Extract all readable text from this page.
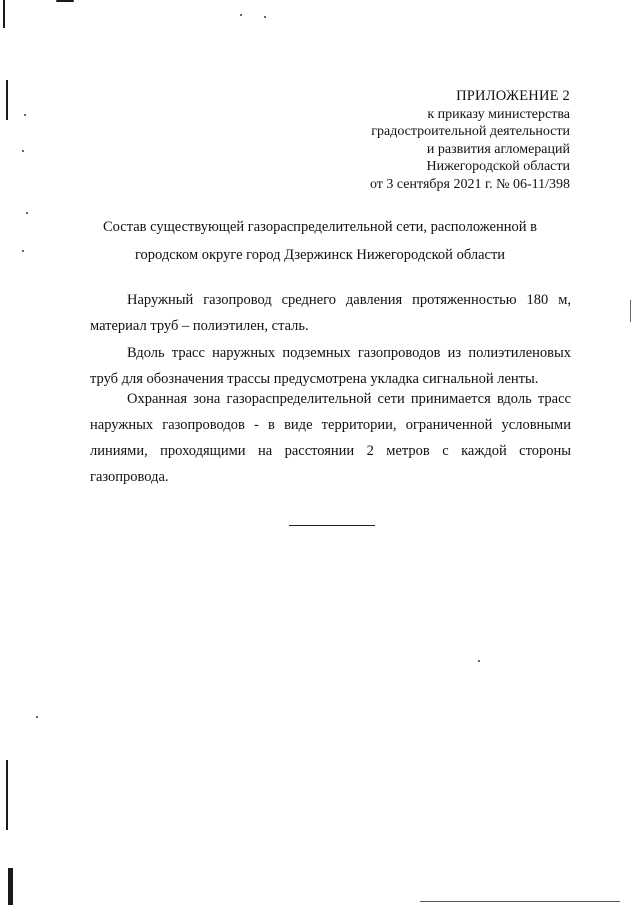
ПРИЛОЖЕНИЕ 2
к приказу министерства
градостроительной деятельности
и развития агломераций
Нижегородской области
от 3 сентября 2021 г. № 06-11/398
Состав существующей газораспределительной сети, расположенной в
городском округе город Дзержинск Нижегородской области

Наружный газопровод среднего давления протяженностью 180 м, материал труб – полиэтилен, сталь.

Вдоль трасс наружных подземных газопроводов из полиэтиленовых труб для обозначения трассы предусмотрена укладка сигнальной ленты.

Охранная зона газораспределительной сети принимается вдоль трасс наружных газопроводов - в виде территории, ограниченной условными линиями, проходящими на расстоянии 2 метров с каждой стороны газопровода.
